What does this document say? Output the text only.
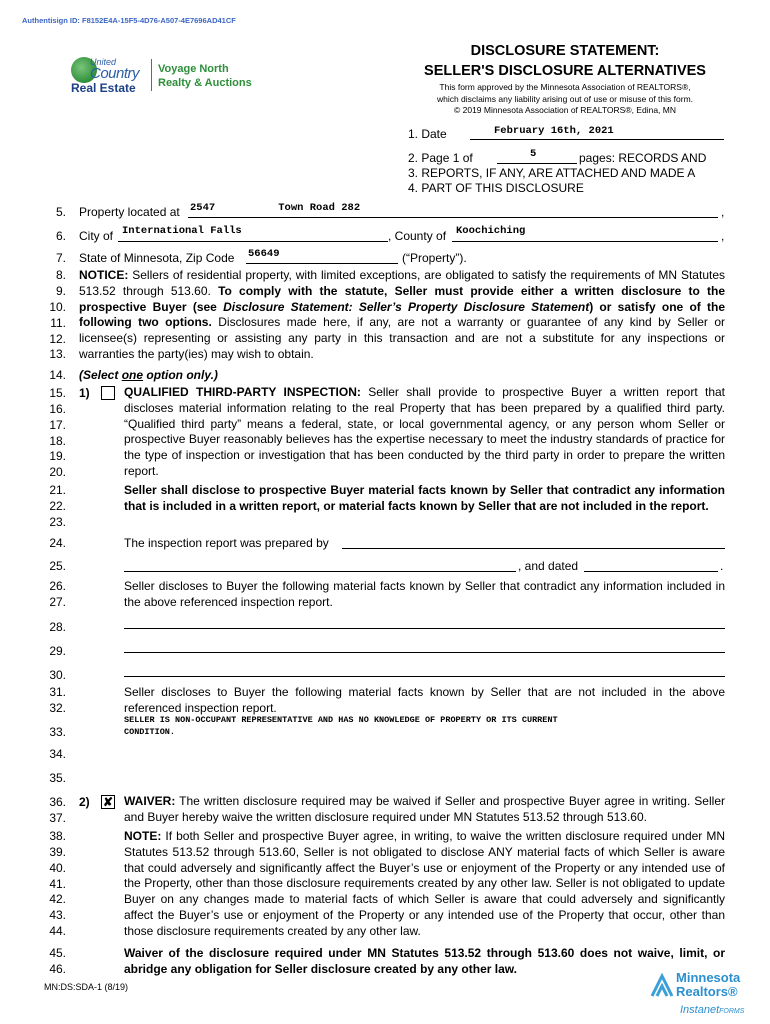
Authentisign ID: F8152E4A-15F5-4D76-A507-4E7696AD41CF
United
Country
Real Estate
Voyage North
Realty & Auctions
DISCLOSURE STATEMENT:
SELLER'S DISCLOSURE ALTERNATIVES
This form approved by the Minnesota Association of REALTORS®,
which disclaims any liability arising out of use or misuse of this form.
© 2019 Minnesota Association of REALTORS®, Edina, MN
1. Date	February 16th, 2021
2. Page 1 of	5	pages: RECORDS AND
3. REPORTS, IF ANY, ARE ATTACHED AND MADE A
4. PART OF THIS DISCLOSURE
5.
6.
7.
8.
9.
10.
11.
12.
13.
14.
15.
16.
17.
18.
19.
20.
21.
22.
23.
24.
25.
26.
27.
28.
29.
30.
31.
32.
33.
34.
35.
36.
37.
38.
39.
40.
41.
42.
43.
44.
45.
46.
Property located at 2547          Town Road 282	,
City of International Falls	, County of Koochiching	,
State of Minnesota, Zip Code 56649	(“Property”).
NOTICE: Sellers of residential property, with limited exceptions, are obligated to satisfy the requirements of MN Statutes 513.52 through 513.60. To comply with the statute, Seller must provide either a written disclosure to the prospective Buyer (see Disclosure Statement: Seller’s Property Disclosure Statement) or satisfy one of the following two options. Disclosures made here, if any, are not a warranty or guarantee of any kind by Seller or licensee(s) representing or assisting any party in this transaction and are not a substitute for any inspections or warranties the party(ies) may wish to obtain.
(Select one option only.)
1)	QUALIFIED THIRD-PARTY INSPECTION: Seller shall provide to prospective Buyer a written report that discloses material information relating to the real Property that has been prepared by a qualified third party. “Qualified third party” means a federal, state, or local governmental agency, or any person whom Seller or prospective Buyer reasonably believes has the expertise necessary to meet the industry standards of practice for the type of inspection or investigation that has been conducted by the third party in order to prepare the written report.
Seller shall disclose to prospective Buyer material facts known by Seller that contradict any information that is included in a written report, or material facts known by Seller that are not included in the report.
The inspection report was prepared by
, and dated	.
Seller discloses to Buyer the following material facts known by Seller that contradict any information included in the above referenced inspection report.
Seller discloses to Buyer the following material facts known by Seller that are not included in the above referenced inspection report.
SELLER IS NON-OCCUPANT REPRESENTATIVE AND HAS NO KNOWLEDGE OF PROPERTY OR ITS CURRENT
CONDITION.
2) ✘ WAIVER: The written disclosure required may be waived if Seller and prospective Buyer agree in writing. Seller and Buyer hereby waive the written disclosure required under MN Statutes 513.52 through 513.60.
NOTE: If both Seller and prospective Buyer agree, in writing, to waive the written disclosure required under MN Statutes 513.52 through 513.60, Seller is not obligated to disclose ANY material facts of which Seller is aware that could adversely and significantly affect the Buyer’s use or enjoyment of the Property or any intended use of the Property, other than those disclosure requirements created by any other law. Seller is not obligated to update Buyer on any changes made to material facts of which Seller is aware that could adversely and significantly affect the Buyer’s use or enjoyment of the Property or any intended use of the Property that occur, other than those disclosure requirements created by any other law.
Waiver of the disclosure required under MN Statutes 513.52 through 513.60 does not waive, limit, or abridge any obligation for Seller disclosure created by any other law.
MN:DS:SDA-1 (8/19)
Minnesota
Realtors®
InstanetFORMS
